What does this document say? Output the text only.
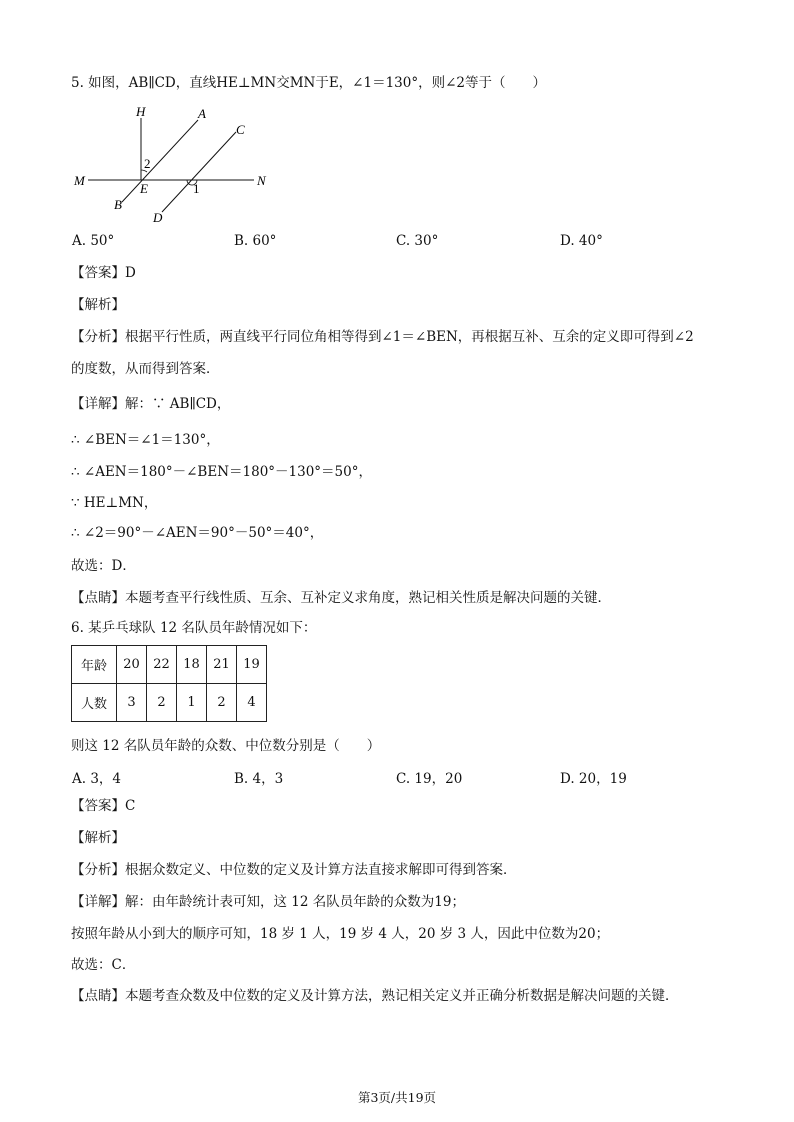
5. 如图，AB∥CD，直线HE⊥MN交MN于E，∠1＝130°，则∠2等于（　　）
H	A
C
M	N
E
B
D
1
2
A. 50°	B. 60°	C. 30°	D. 40°
【答案】D
【解析】
【分析】根据平行性质，两直线平行同位角相等得到∠1＝∠BEN，再根据互补、互余的定义即可得到∠2
的度数，从而得到答案．
【详解】解：∵ AB∥CD，
∴ ∠BEN＝∠1＝130°，
∴ ∠AEN＝180°－∠BEN＝180°－130°＝50°，
∵ HE⊥MN，
∴ ∠2＝90°－∠AEN＝90°－50°＝40°，
故选：D．
【点睛】本题考查平行线性质、互余、互补定义求角度，熟记相关性质是解决问题的关键．
6. 某乒乓球队 12 名队员年龄情况如下：
年龄	20	22	18	21	19
人数	3	2	1	2	4
则这 12 名队员年龄的众数、中位数分别是（　　）
A. 3，4	B. 4，3	C. 19，20	D. 20，19
【答案】C
【解析】
【分析】根据众数定义、中位数的定义及计算方法直接求解即可得到答案．
【详解】解：由年龄统计表可知，这 12 名队员年龄的众数为19；
按照年龄从小到大的顺序可知，18 岁 1 人，19 岁 4 人，20 岁 3 人，因此中位数为20；
故选：C．
【点睛】本题考查众数及中位数的定义及计算方法，熟记相关定义并正确分析数据是解决问题的关键．
第3页/共19页
